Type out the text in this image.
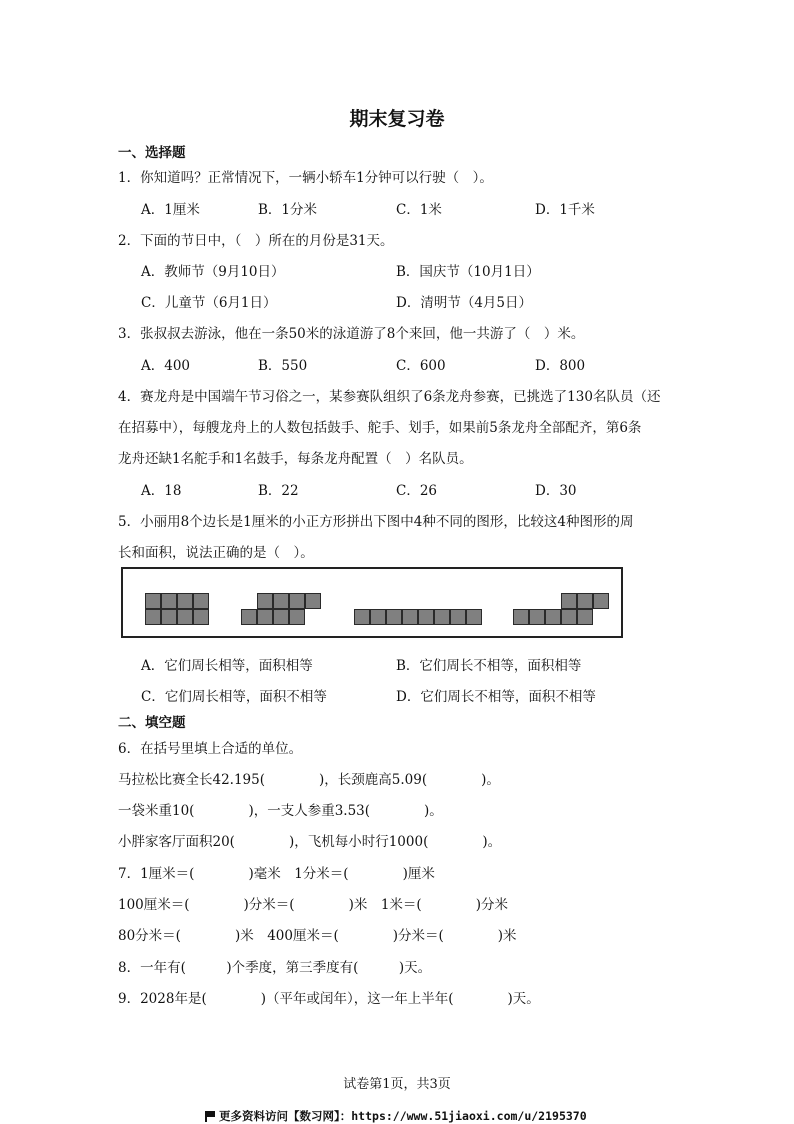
期末复习卷
一、选择题
1．你知道吗？正常情况下，一辆小轿车1分钟可以行驶（　）。
A．1厘米	B．1分米	C．1米	D．1千米
2．下面的节日中，（　）所在的月份是31天。
A．教师节（9月10日）	B．国庆节（10月1日）
C．儿童节（6月1日）	D．清明节（4月5日）
3．张叔叔去游泳，他在一条50米的泳道游了8个来回，他一共游了（　）米。
A．400	B．550	C．600	D．800
4．赛龙舟是中国端午节习俗之一，某参赛队组织了6条龙舟参赛，已挑选了130名队员（还
在招募中），每艘龙舟上的人数包括鼓手、舵手、划手，如果前5条龙舟全部配齐，第6条
龙舟还缺1名舵手和1名鼓手，每条龙舟配置（　）名队员。
A．18	B．22	C．26	D．30
5．小丽用8个边长是1厘米的小正方形拼出下图中4种不同的图形，比较这4种图形的周
长和面积，说法正确的是（　）。
A．它们周长相等，面积相等	B．它们周长不相等，面积相等
C．它们周长相等，面积不相等	D．它们周长不相等，面积不相等
二、填空题
6．在括号里填上合适的单位。
马拉松比赛全长42.195(　　　　)，长颈鹿高5.09(　　　　)。
一袋米重10(　　　　)，一支人参重3.53(　　　　)。
小胖家客厅面积20(　　　　)，飞机每小时行1000(　　　　)。
7．1厘米＝(　　　　)毫米　1分米＝(　　　　)厘米
100厘米＝(　　　　)分米＝(　　　　)米　1米＝(　　　　)分米
80分米＝(　　　　)米　400厘米＝(　　　　)分米＝(　　　　)米
8．一年有(　　　)个季度，第三季度有(　　　)天。
9．2028年是(　　　　)（平年或闰年），这一年上半年(　　　　)天。
试卷第1页，共3页
更多资料访问【数习网】：https://www.51jiaoxi.com/u/2195370
